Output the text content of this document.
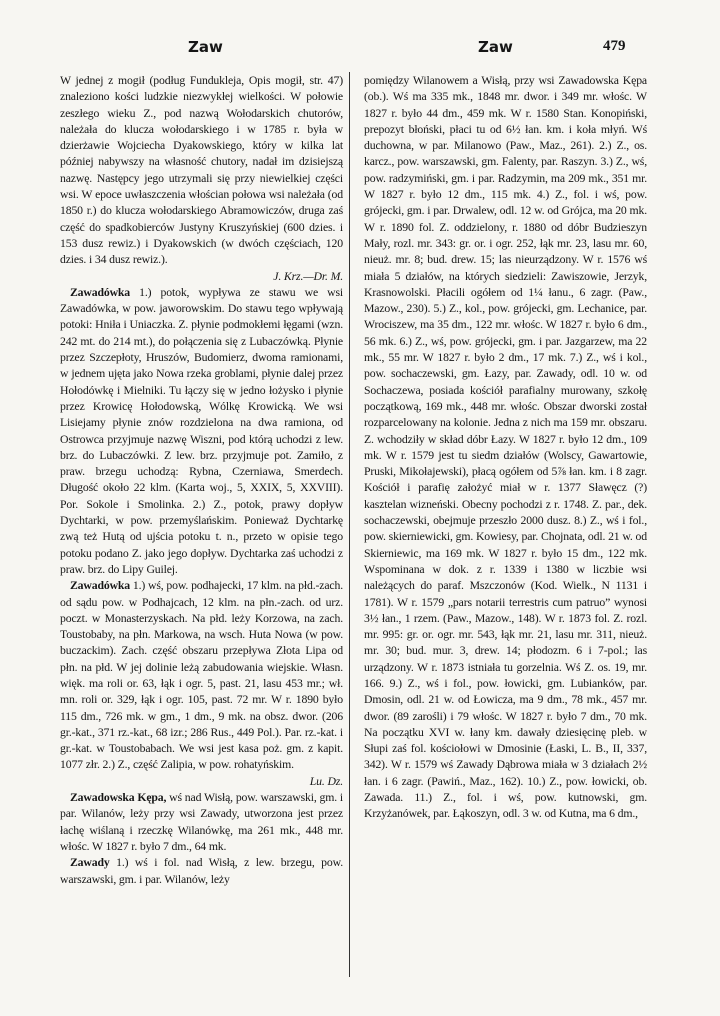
Zaw	Zaw	479

W jednej z mogił (podług Fundukleja, Opis mogił, str. 47) znaleziono kości ludzkie niezwykłej wielkości. W połowie zeszłego wieku Z., pod nazwą Wołodarskich chutorów, należała do klucza wołodarskiego i w 1785 r. była w dzierżawie Wojciecha Dyakowskiego, który w kilka lat później nabywszy na własność chutory, nadał im dzisiejszą nazwę. Następcy jego utrzymali się przy niewielkiej części wsi. W epoce uwłaszczenia włościan połowa wsi należała (od 1850 r.) do klucza wołodarskiego Abramowiczów, druga zaś część do spadkobierców Justyny Kruszyńskiej (600 dzies. i 153 dusz rewiz.) i Dyakowskich (w dwóch częściach, 120 dzies. i 34 dusz rewiz.).

J. Krz.—Dr. M.

Zawadówka 1.) potok, wypływa ze stawu we wsi Zawadówka, w pow. jaworowskim. Do stawu tego wpływają potoki: Hniła i Uniaczka. Z. płynie podmokłemi łęgami (wzn. 242 mt. do 214 mt.), do połączenia się z Lubaczówką. Płynie przez Szczepłoty, Hruszów, Budomierz, dwoma ramionami, w jednem ujęta jako Nowa rzeka groblami, płynie dalej przez Hołodówkę i Mielniki. Tu łączy się w jedno łożysko i płynie przez Krowicę Hołodowską, Wólkę Krowicką. We wsi Lisiejamy płynie znów rozdzielona na dwa ramiona, od Ostrowca przyjmuje nazwę Wiszni, pod którą uchodzi z lew. brz. do Lubaczówki. Z lew. brz. przyjmuje pot. Zamiło, z praw. brzegu uchodzą: Rybna, Czerniawa, Smerdech. Długość około 22 klm. (Karta woj., 5, XXIX, 5, XXVIII). Por. Sokole i Smolinka. 2.) Z., potok, prawy dopływ Dychtarki, w pow. przemyślańskim. Ponieważ Dychtarkę zwą też Hutą od ujścia potoku t. n., przeto w opisie tego potoku podano Z. jako jego dopływ. Dychtarka zaś uchodzi z praw. brz. do Lipy Guilej.

Zawadówka 1.) wś, pow. podhajecki, 17 klm. na płd.-zach. od sądu pow. w Podhajcach, 12 klm. na płn.-zach. od urz. poczt. w Monasterzyskach. Na płd. leży Korzowa, na zach. Toustobaby, na płn. Markowa, na wsch. Huta Nowa (w pow. buczackim). Zach. część obszaru przepływa Złota Lipa od płn. na płd. W jej dolinie leżą zabudowania wiejskie. Własn. więk. ma roli or. 63, łąk i ogr. 5, past. 21, lasu 453 mr.; wł. mn. roli or. 329, łąk i ogr. 105, past. 72 mr. W r. 1890 było 115 dm., 726 mk. w gm., 1 dm., 9 mk. na obsz. dwor. (206 gr.-kat., 371 rz.-kat., 68 izr.; 286 Rus., 449 Pol.). Par. rz.-kat. i gr.-kat. w Toustobabach. We wsi jest kasa poż. gm. z kapit. 1077 złr. 2.) Z., część Zalipia, w pow. rohatyńskim.

Lu. Dz.

Zawadowska Kępa, wś nad Wisłą, pow. warszawski, gm. i par. Wilanów, leży przy wsi Zawady, utworzona jest przez łachę wiślaną i rzeczkę Wilanówkę, ma 261 mk., 448 mr. włośc. W 1827 r. było 7 dm., 64 mk.

Zawady 1.) wś i fol. nad Wisłą, z lew. brzegu, pow. warszawski, gm. i par. Wilanów, leży

pomiędzy Wilanowem a Wisłą, przy wsi Zawadowska Kępa (ob.). Wś ma 335 mk., 1848 mr. dwor. i 349 mr. włośc. W 1827 r. było 44 dm., 459 mk. W r. 1580 Stan. Konopiński, prepozyt błoński, płaci tu od 6½ łan. km. i koła młyń. Wś duchowna, w par. Milanowo (Paw., Maz., 261). 2.) Z., os. karcz., pow. warszawski, gm. Falenty, par. Raszyn. 3.) Z., wś, pow. radzymiński, gm. i par. Radzymin, ma 209 mk., 351 mr. W 1827 r. było 12 dm., 115 mk. 4.) Z., fol. i wś, pow. grójecki, gm. i par. Drwalew, odl. 12 w. od Grójca, ma 20 mk. W r. 1890 fol. Z. oddzielony, r. 1880 od dóbr Budzieszyn Mały, rozl. mr. 343: gr. or. i ogr. 252, łąk mr. 23, lasu mr. 60, nieuż. mr. 8; bud. drew. 15; las nieurządzony. W r. 1576 wś miała 5 działów, na których siedzieli: Zawiszowie, Jerzyk, Krasnowolski. Płacili ogółem od 1¼ łanu., 6 zagr. (Paw., Mazow., 230). 5.) Z., kol., pow. grójecki, gm. Lechanice, par. Wrociszew, ma 35 dm., 122 mr. włośc. W 1827 r. było 6 dm., 56 mk. 6.) Z., wś, pow. grójecki, gm. i par. Jazgarzew, ma 22 mk., 55 mr. W 1827 r. było 2 dm., 17 mk. 7.) Z., wś i kol., pow. sochaczewski, gm. Łazy, par. Zawady, odl. 10 w. od Sochaczewa, posiada kościół parafialny murowany, szkołę początkową, 169 mk., 448 mr. włośc. Obszar dworski został rozparcelowany na kolonie. Jedna z nich ma 159 mr. obszaru. Z. wchodziły w skład dóbr Łazy. W 1827 r. było 12 dm., 109 mk. W r. 1579 jest tu siedm działów (Wolscy, Gawartowie, Pruski, Mikołajewski), płacą ogółem od 5⅞ łan. km. i 8 zagr. Kościół i parafię założyć miał w r. 1377 Sławęcz (?) kasztelan wizneński. Obecny pochodzi z r. 1748. Z. par., dek. sochaczewski, obejmuje przeszło 2000 dusz. 8.) Z., wś i fol., pow. skierniewicki, gm. Kowiesy, par. Chojnata, odl. 21 w. od Skierniewic, ma 169 mk. W 1827 r. było 15 dm., 122 mk. Wspominana w dok. z r. 1339 i 1380 w liczbie wsi należących do paraf. Mszczonów (Kod. Wielk., N 1131 i 1781). W r. 1579 „pars notarii terrestris cum patruo” wynosi 3½ łan., 1 rzem. (Paw., Mazow., 148). W r. 1873 fol. Z. rozl. mr. 995: gr. or. ogr. mr. 543, łąk mr. 21, lasu mr. 311, nieuż. mr. 30; bud. mur. 3, drew. 14; płodozm. 6 i 7-pol.; las urządzony. W r. 1873 istniała tu gorzelnia. Wś Z. os. 19, mr. 166. 9.) Z., wś i fol., pow. łowicki, gm. Lubianków, par. Dmosin, odl. 21 w. od Łowicza, ma 9 dm., 78 mk., 457 mr. dwor. (89 zarośli) i 79 włośc. W 1827 r. było 7 dm., 70 mk. Na początku XVI w. łany km. dawały dziesięcinę pleb. w Słupi zaś fol. kościołowi w Dmosinie (Łaski, L. B., II, 337, 342). W r. 1579 wś Zawady Dąbrowa miała w 3 działach 2½ łan. i 6 zagr. (Pawiń., Maz., 162). 10.) Z., pow. łowicki, ob. Zawada. 11.) Z., fol. i wś, pow. kutnowski, gm. Krzyżanówek, par. Łąkoszyn, odl. 3 w. od Kutna, ma 6 dm.,
